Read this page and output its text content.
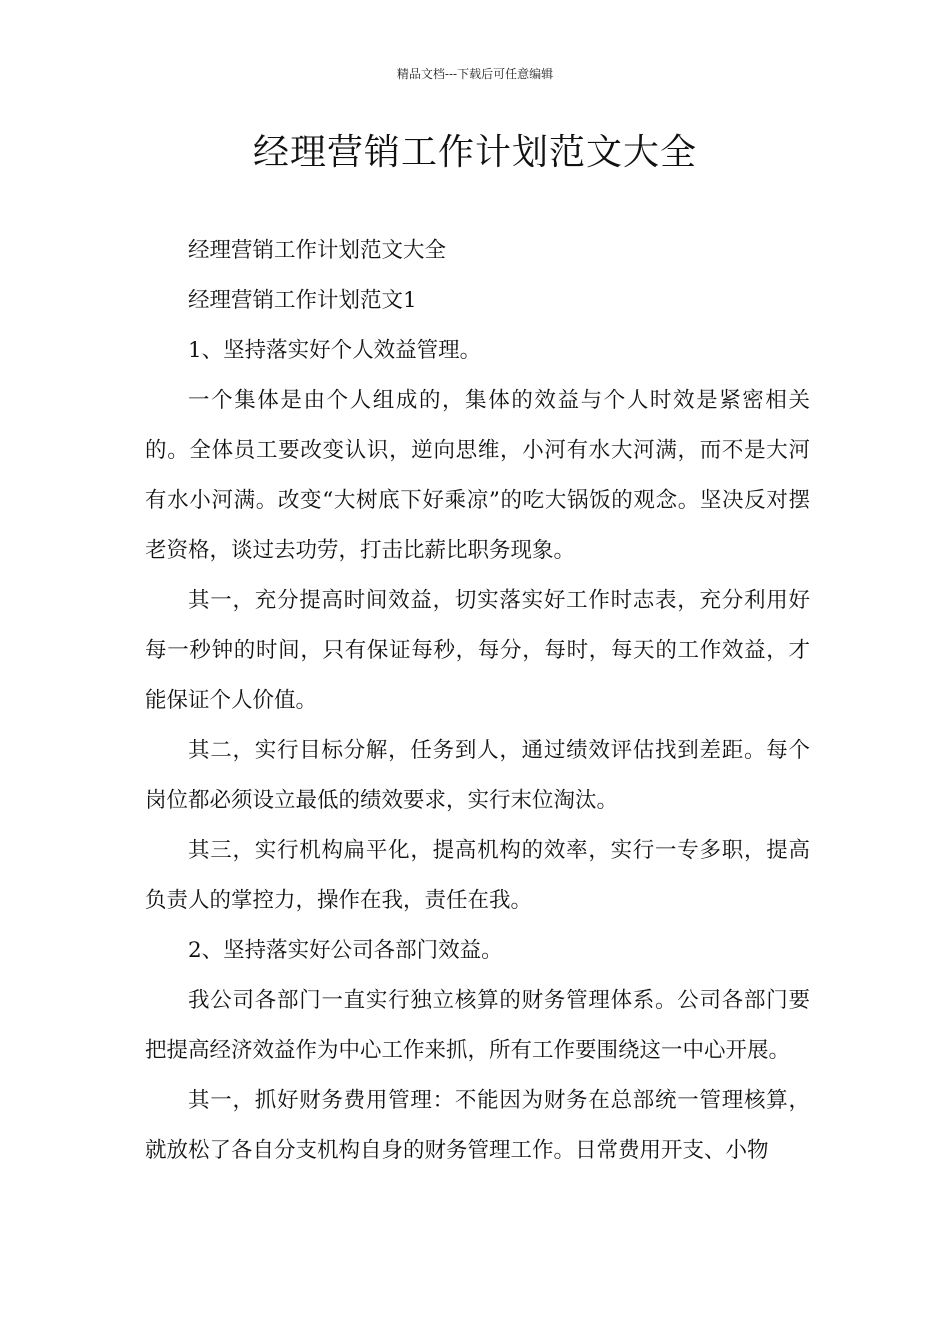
精品文档---下载后可任意编辑
经理营销工作计划范文大全

经理营销工作计划范文大全

经理营销工作计划范文1

1、坚持落实好个人效益管理。

一个集体是由个人组成的，集体的效益与个人时效是紧密相关的。全体员工要改变认识，逆向思维，小河有水大河满，而不是大河有水小河满。改变“大树底下好乘凉”的吃大锅饭的观念。坚决反对摆老资格，谈过去功劳，打击比薪比职务现象。

其一，充分提高时间效益，切实落实好工作时志表，充分利用好每一秒钟的时间，只有保证每秒，每分，每时，每天的工作效益，才能保证个人价值。

其二，实行目标分解，任务到人，通过绩效评估找到差距。每个岗位都必须设立最低的绩效要求，实行末位淘汰。

其三，实行机构扁平化，提高机构的效率，实行一专多职，提高负责人的掌控力，操作在我，责任在我。

2、坚持落实好公司各部门效益。

我公司各部门一直实行独立核算的财务管理体系。公司各部门要把提高经济效益作为中心工作来抓，所有工作要围绕这一中心开展。

其一，抓好财务费用管理：不能因为财务在总部统一管理核算，就放松了各自分支机构自身的财务管理工作。日常费用开支、小物
